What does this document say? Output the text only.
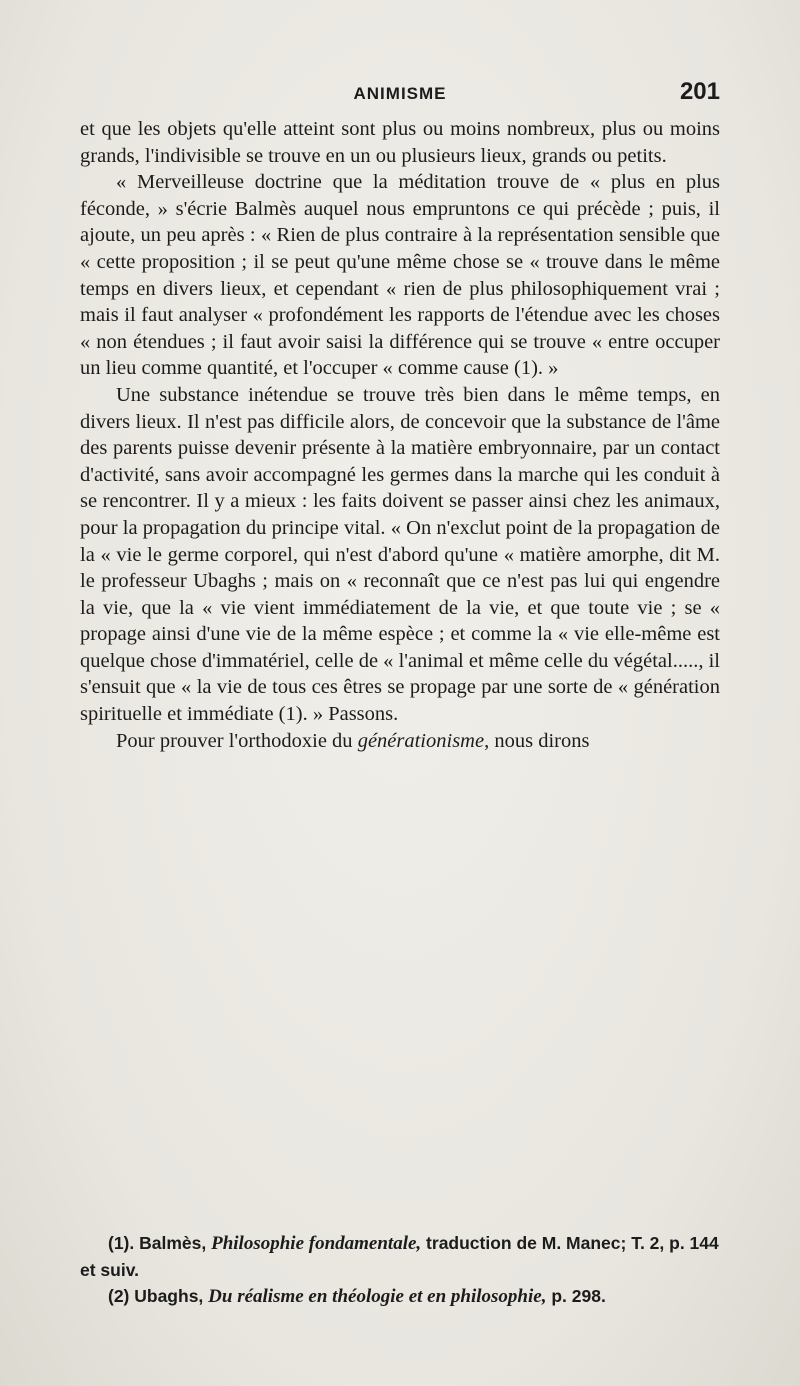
ANIMISME	201

et que les objets qu'elle atteint sont plus ou moins nombreux, plus ou moins grands, l'indivisible se trouve en un ou plusieurs lieux, grands ou petits.

« Merveilleuse doctrine que la méditation trouve de « plus en plus féconde, » s'écrie Balmès auquel nous empruntons ce qui précède ; puis, il ajoute, un peu après : « Rien de plus contraire à la représentation sensible que « cette proposition ; il se peut qu'une même chose se « trouve dans le même temps en divers lieux, et cependant « rien de plus philosophiquement vrai ; mais il faut analyser « profondément les rapports de l'étendue avec les choses « non étendues ; il faut avoir saisi la différence qui se trouve « entre occuper un lieu comme quantité, et l'occuper « comme cause (1). »

Une substance inétendue se trouve très bien dans le même temps, en divers lieux. Il n'est pas difficile alors, de concevoir que la substance de l'âme des parents puisse devenir présente à la matière embryonnaire, par un contact d'activité, sans avoir accompagné les germes dans la marche qui les conduit à se rencontrer. Il y a mieux : les faits doivent se passer ainsi chez les animaux, pour la propagation du principe vital. « On n'exclut point de la propagation de la « vie le germe corporel, qui n'est d'abord qu'une « matière amorphe, dit M. le professeur Ubaghs ; mais on « reconnaît que ce n'est pas lui qui engendre la vie, que la « vie vient immédiatement de la vie, et que toute vie ; se « propage ainsi d'une vie de la même espèce ; et comme la « vie elle-même est quelque chose d'immatériel, celle de « l'animal et même celle du végétal....., il s'ensuit que « la vie de tous ces êtres se propage par une sorte de « génération spirituelle et immédiate (1). » Passons.

Pour prouver l'orthodoxie du générationisme, nous dirons

(1). Balmès, Philosophie fondamentale, traduction de M. Manec; T. 2, p. 144 et suiv.

(2) Ubaghs, Du réalisme en théologie et en philosophie, p. 298.
